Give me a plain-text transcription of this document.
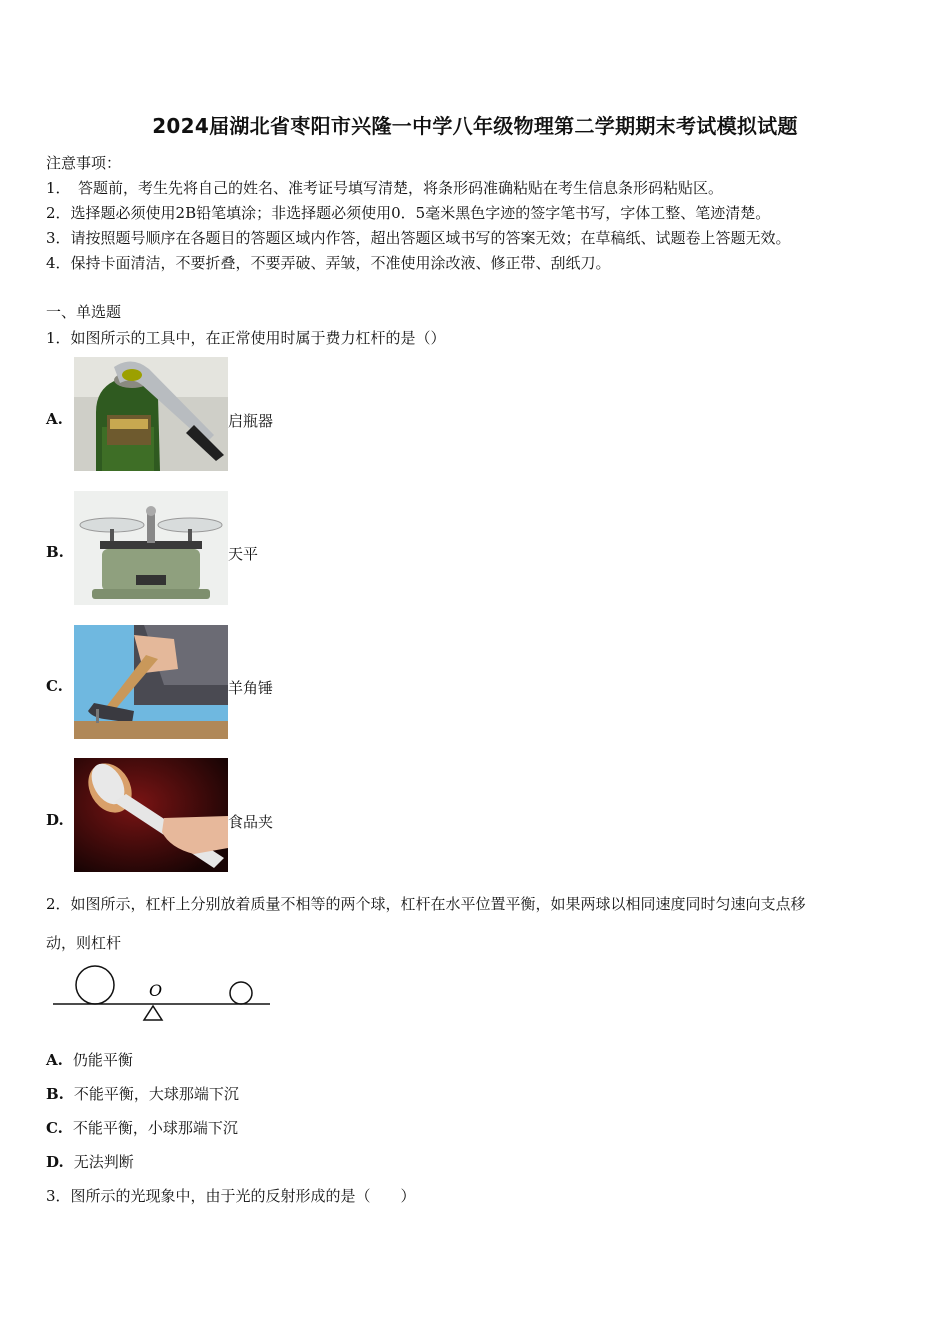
2024届湖北省枣阳市兴隆一中学八年级物理第二学期期末考试模拟试题
注意事项：
1．　答题前，考生先将自己的姓名、准考证号填写清楚，将条形码准确粘贴在考生信息条形码粘贴区。
2．选择题必须使用2B铅笔填涂；非选择题必须使用0．5毫米黑色字迹的签字笔书写，字体工整、笔迹清楚。
3．请按照题号顺序在各题目的答题区域内作答，超出答题区域书写的答案无效；在草稿纸、试题卷上答题无效。
4．保持卡面清洁，不要折叠，不要弄破、弄皱，不准使用涂改液、修正带、刮纸刀。
一、单选题
1．如图所示的工具中，在正常使用时属于费力杠杆的是（）
A.	启瓶器
B.	天平
C.	羊角锤
D.	食品夹
2．如图所示，杠杆上分别放着质量不相等的两个球，杠杆在水平位置平衡，如果两球以相同速度同时匀速向支点移
动，则杠杆
O
A. 仍能平衡
B. 不能平衡，大球那端下沉
C. 不能平衡，小球那端下沉
D. 无法判断
3．图所示的光现象中，由于光的反射形成的是（　　）
